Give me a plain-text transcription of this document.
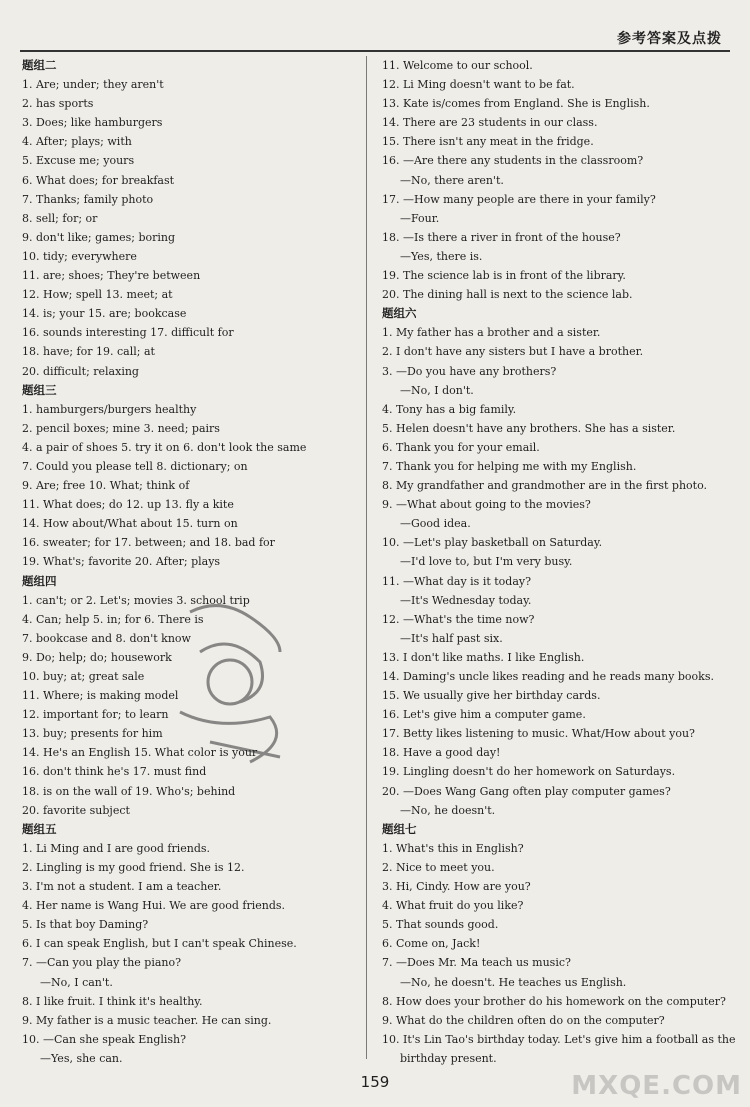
参考答案及点拨
题组二
1. Are; under; they aren't
2. has sports
3. Does; like hamburgers
4. After; plays; with
5. Excuse me; yours
6. What does; for breakfast
7. Thanks; family photo
8. sell; for; or
9. don't like; games; boring
10. tidy; everywhere
11. are; shoes; They're between
12. How; spell 13. meet; at
14. is; your 15. are; bookcase
16. sounds interesting 17. difficult for
18. have; for 19. call; at
20. difficult; relaxing
题组三
1. hamburgers/burgers healthy
2. pencil boxes; mine 3. need; pairs
4. a pair of shoes 5. try it on 6. don't look the same
7. Could you please tell 8. dictionary; on
9. Are; free 10. What; think of
11. What does; do 12. up 13. fly a kite
14. How about/What about 15. turn on
16. sweater; for 17. between; and 18. bad for
19. What's; favorite 20. After; plays
题组四
1. can't; or 2. Let's; movies 3. school trip
4. Can; help 5. in; for 6. There is
7. bookcase and 8. don't know
9. Do; help; do; housework
10. buy; at; great sale
11. Where; is making model
12. important for; to learn
13. buy; presents for him
14. He's an English 15. What color is your
16. don't think he's 17. must find
18. is on the wall of 19. Who's; behind
20. favorite subject
题组五
1. Li Ming and I are good friends.
2. Lingling is my good friend. She is 12.
3. I'm not a student. I am a teacher.
4. Her name is Wang Hui. We are good friends.
5. Is that boy Daming?
6. I can speak English, but I can't speak Chinese.
7. —Can you play the piano?
—No, I can't.
8. I like fruit. I think it's healthy.
9. My father is a music teacher. He can sing.
10. —Can she speak English?
—Yes, she can.
11. Welcome to our school.
12. Li Ming doesn't want to be fat.
13. Kate is/comes from England. She is English.
14. There are 23 students in our class.
15. There isn't any meat in the fridge.
16. —Are there any students in the classroom?
—No, there aren't.
17. —How many people are there in your family?
—Four.
18. —Is there a river in front of the house?
—Yes, there is.
19. The science lab is in front of the library.
20. The dining hall is next to the science lab.
题组六
1. My father has a brother and a sister.
2. I don't have any sisters but I have a brother.
3. —Do you have any brothers?
—No, I don't.
4. Tony has a big family.
5. Helen doesn't have any brothers. She has a sister.
6. Thank you for your email.
7. Thank you for helping me with my English.
8. My grandfather and grandmother are in the first photo.
9. —What about going to the movies?
—Good idea.
10. —Let's play basketball on Saturday.
—I'd love to, but I'm very busy.
11. —What day is it today?
—It's Wednesday today.
12. —What's the time now?
—It's half past six.
13. I don't like maths. I like English.
14. Daming's uncle likes reading and he reads many books.
15. We usually give her birthday cards.
16. Let's give him a computer game.
17. Betty likes listening to music. What/How about you?
18. Have a good day!
19. Lingling doesn't do her homework on Saturdays.
20. —Does Wang Gang often play computer games?
—No, he doesn't.
题组七
1. What's this in English?
2. Nice to meet you.
3. Hi, Cindy. How are you?
4. What fruit do you like?
5. That sounds good.
6. Come on, Jack!
7. —Does Mr. Ma teach us music?
—No, he doesn't. He teaches us English.
8. How does your brother do his homework on the computer?
9. What do the children often do on the computer?
10. It's Lin Tao's birthday today. Let's give him a football as the
birthday present.
159	MXQE.COM
